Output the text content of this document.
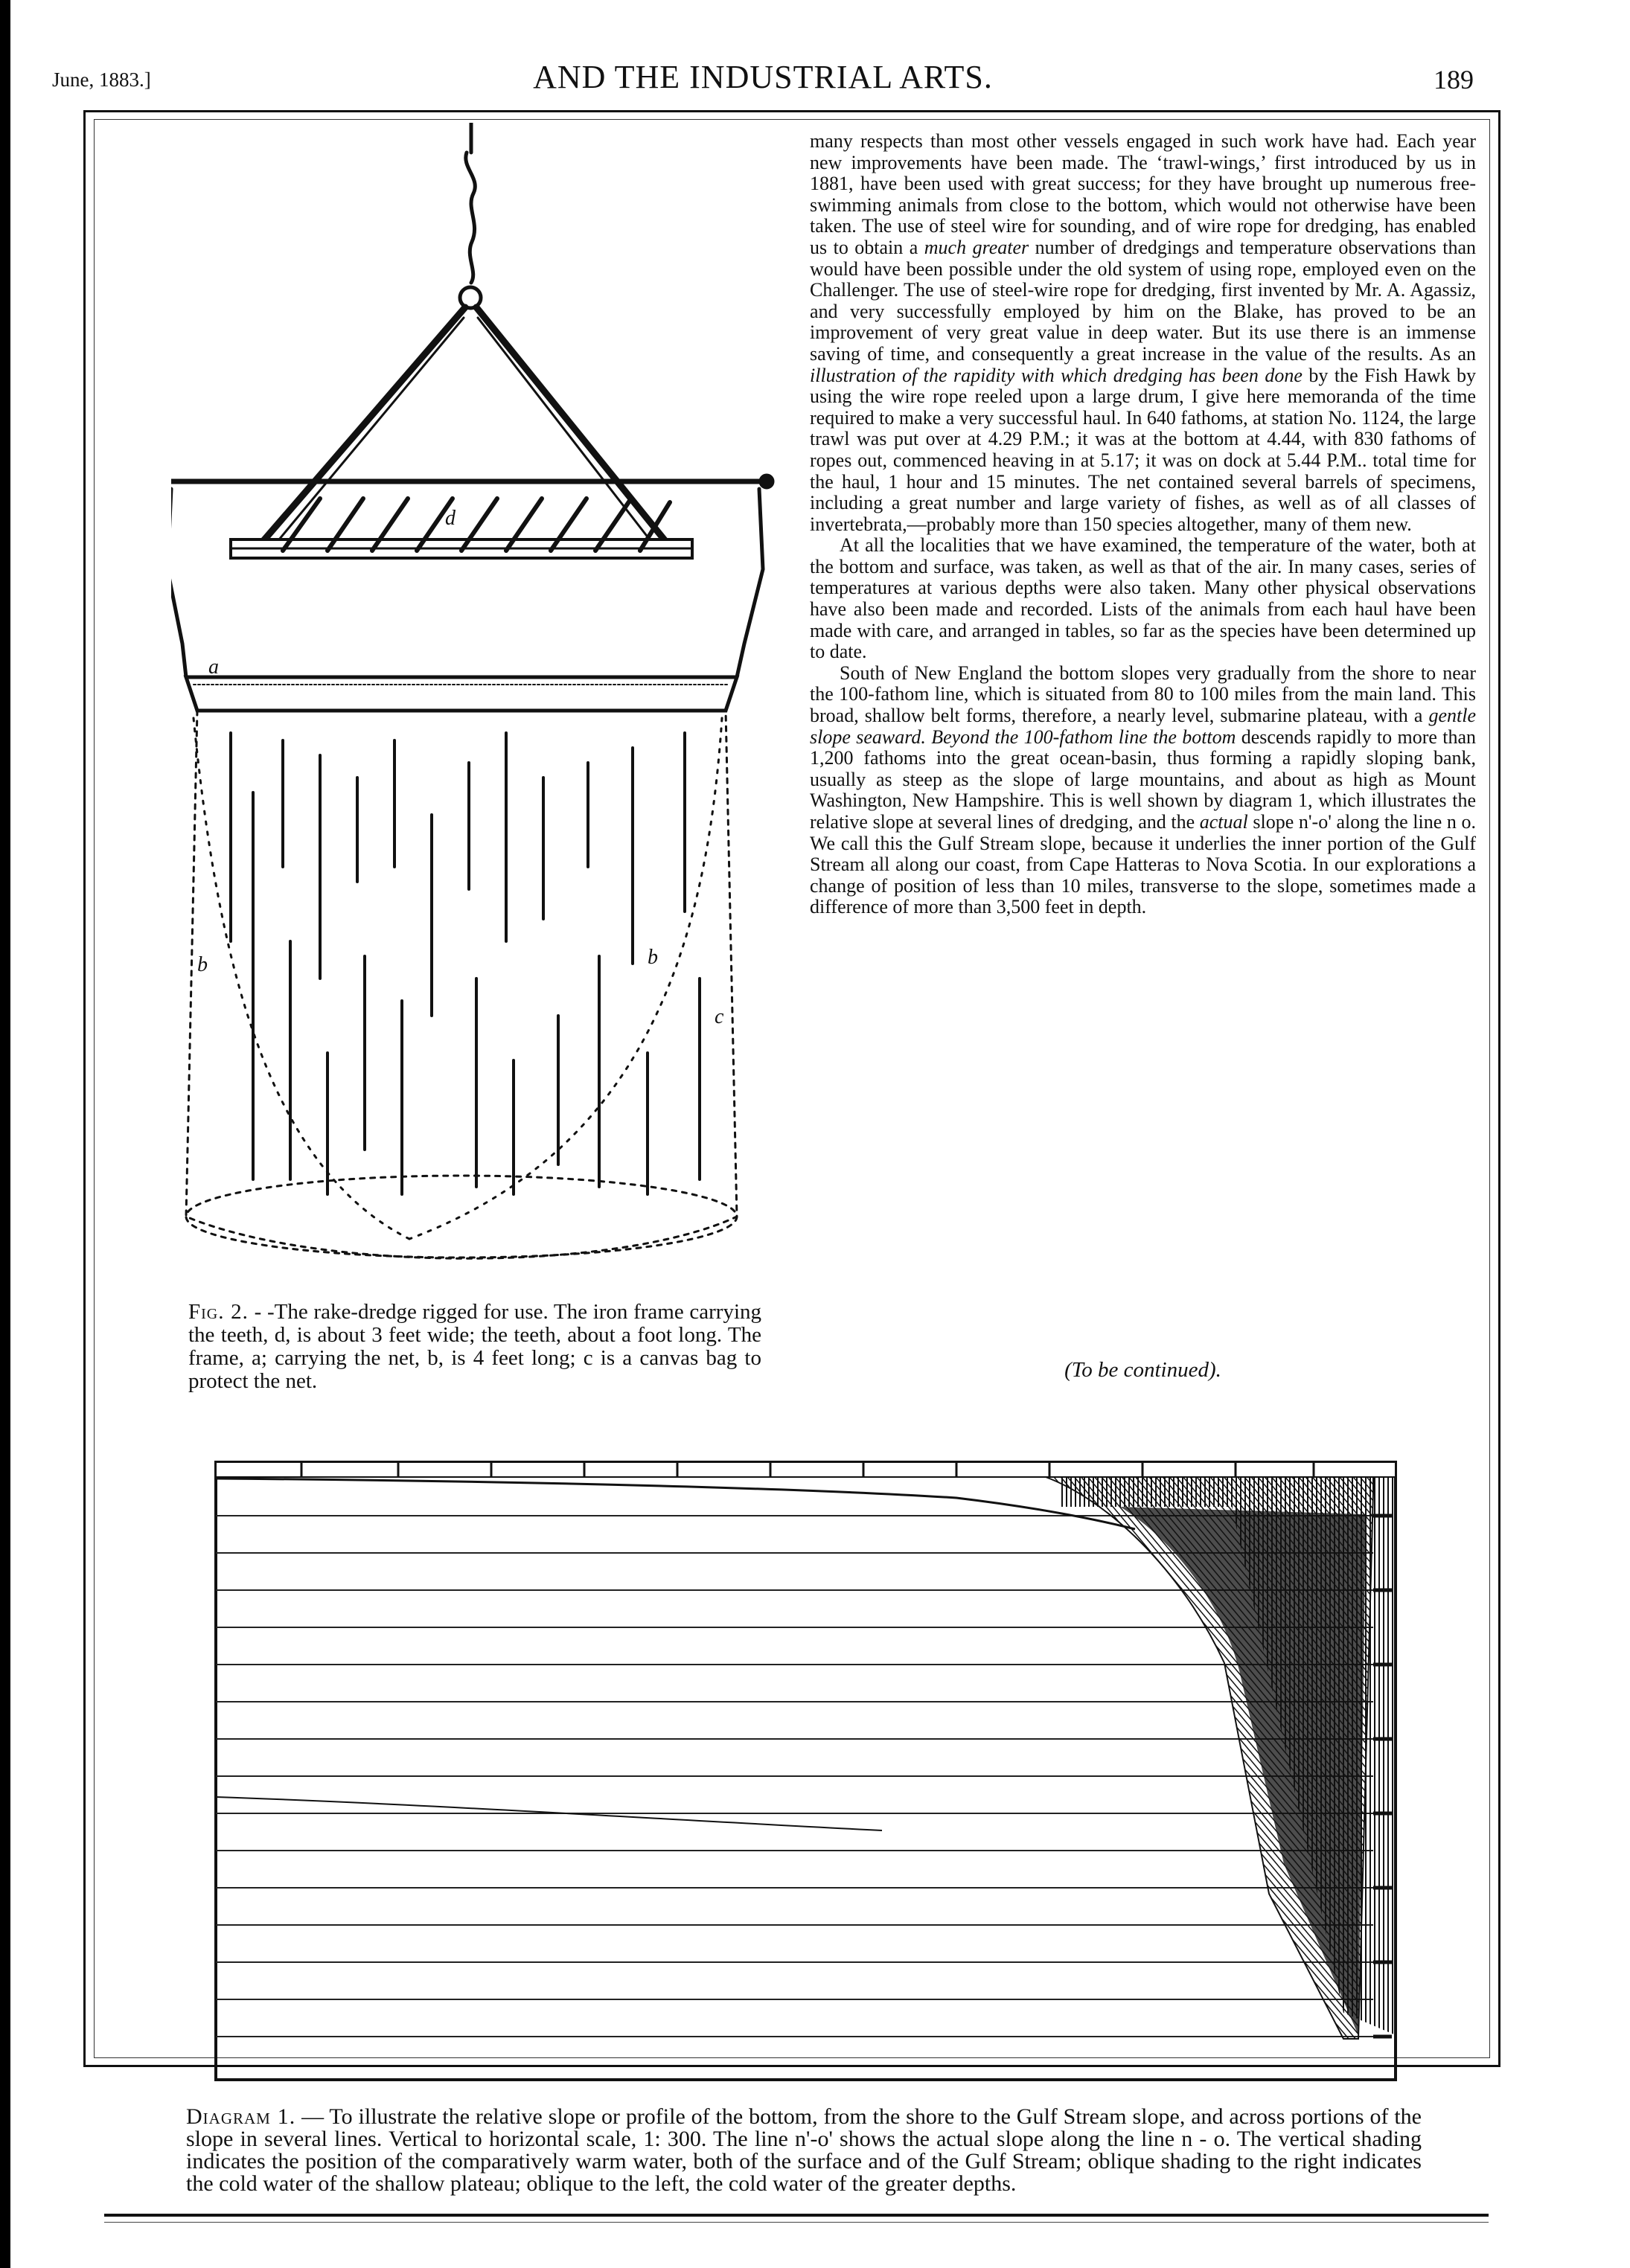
June, 1883.]	AND THE INDUSTRIAL ARTS.	189
d
a
b	b
c

Fig. 2. - -The rake-dredge rigged for use. The iron frame carrying the teeth, d, is about 3 feet wide; the teeth, about a foot long. The frame, a; carrying the net, b, is 4 feet long; c is a canvas bag to protect the net.

many respects than most other vessels engaged in such work have had. Each year new improvements have been made. The ‘trawl-wings,’ first introduced by us in 1881, have been used with great success; for they have brought up numerous free-swimming animals from close to the bottom, which would not otherwise have been taken. The use of steel wire for sounding, and of wire rope for dredging, has enabled us to obtain a much greater number of dredgings and temperature observations than would have been possible under the old system of using rope, employed even on the Challenger. The use of steel-wire rope for dredging, first invented by Mr. A. Agassiz, and very successfully employed by him on the Blake, has proved to be an improvement of very great value in deep water. But its use there is an immense saving of time, and consequently a great increase in the value of the results. As an illustration of the rapidity with which dredging has been done by the Fish Hawk by using the wire rope reeled upon a large drum, I give here memoranda of the time required to make a very successful haul. In 640 fathoms, at station No. 1124, the large trawl was put over at 4.29 P.M.; it was at the bottom at 4.44, with 830 fathoms of ropes out, commenced heaving in at 5.17; it was on dock at 5.44 P.M.. total time for the haul, 1 hour and 15 minutes. The net contained several barrels of specimens, including a great number and large variety of fishes, as well as of all classes of invertebrata,—probably more than 150 species altogether, many of them new.

At all the localities that we have examined, the temperature of the water, both at the bottom and surface, was taken, as well as that of the air. In many cases, series of temperatures at various depths were also taken. Many other physical observations have also been made and recorded. Lists of the animals from each haul have been made with care, and arranged in tables, so far as the species have been determined up to date.

South of New England the bottom slopes very gradually from the shore to near the 100-fathom line, which is situated from 80 to 100 miles from the main land. This broad, shallow belt forms, therefore, a nearly level, submarine plateau, with a gentle slope seaward. Beyond the 100-fathom line the bottom descends rapidly to more than 1,200 fathoms into the great ocean-basin, thus forming a rapidly sloping bank, usually as steep as the slope of large mountains, and about as high as Mount Washington, New Hampshire. This is well shown by diagram 1, which illustrates the relative slope at several lines of dredging, and the actual slope n'-o' along the line n o. We call this the Gulf Stream slope, because it underlies the inner portion of the Gulf Stream all along our coast, from Cape Hatteras to Nova Scotia. In our explorations a change of position of less than 10 miles, transverse to the slope, sometimes made a difference of more than 3,500 feet in depth.

(To be continued).

Diagram 1. — To illustrate the relative slope or profile of the bottom, from the shore to the Gulf Stream slope, and across portions of the slope in several lines. Vertical to horizontal scale, 1: 300. The line n'-o' shows the actual slope along the line n - o. The vertical shading indicates the position of the comparatively warm water, both of the surface and of the Gulf Stream; oblique shading to the right indicates the cold water of the shallow plateau; oblique to the left, the cold water of the greater depths.
